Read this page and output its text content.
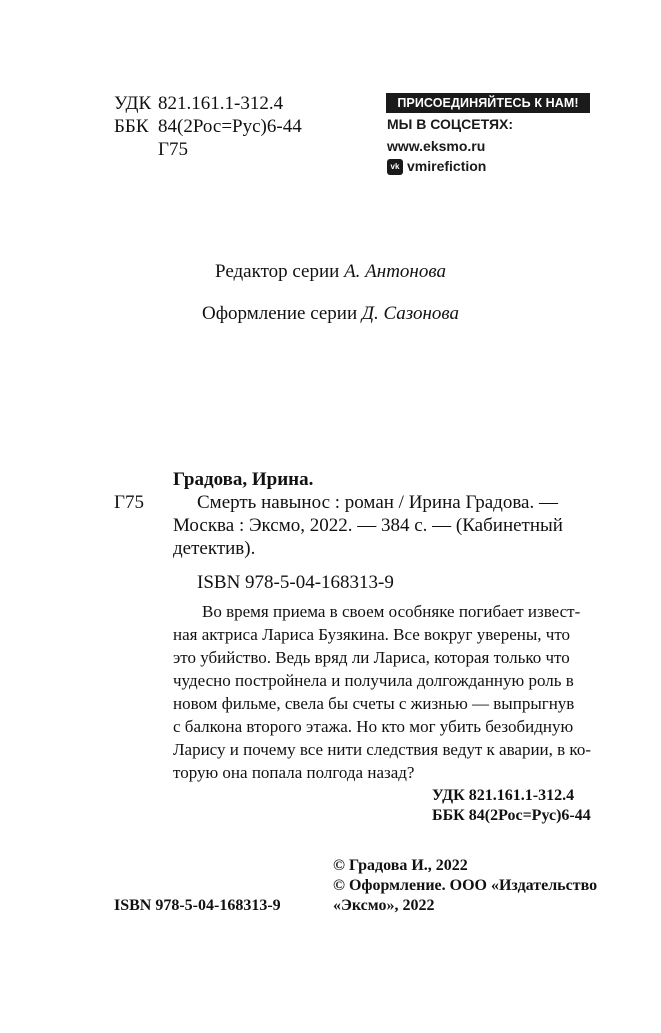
УДК 821.161.1-312.4
ББК 84(2Рос=Рус)6-44
Г75
ПРИСОЕДИНЯЙТЕСЬ К НАМ!
МЫ В СОЦСЕТЯХ:
www.eksmo.ru
vk vmirefiction
Редактор серии А. Антонова
Оформление серии Д. Сазонова
Градова, Ирина.
Г75	Смерть навынос : роман / Ирина Градова. —
Москва : Эксмо, 2022. — 384 с. — (Кабинетный
детектив).
ISBN 978-5-04-168313-9
Во время приема в своем особняке погибает извест-
ная актриса Лариса Бузякина. Все вокруг уверены, что
это убийство. Ведь вряд ли Лариса, которая только что
чудесно постройнела и получила долгожданную роль в
новом фильме, свела бы счеты с жизнью — выпрыгнув
с балкона второго этажа. Но кто мог убить безобидную
Ларису и почему все нити следствия ведут к аварии, в ко-
торую она попала полгода назад?
УДК 821.161.1-312.4
ББК 84(2Рос=Рус)6-44
© Градова И., 2022
© Оформление. ООО «Издательство
«Эксмо», 2022
ISBN 978-5-04-168313-9
